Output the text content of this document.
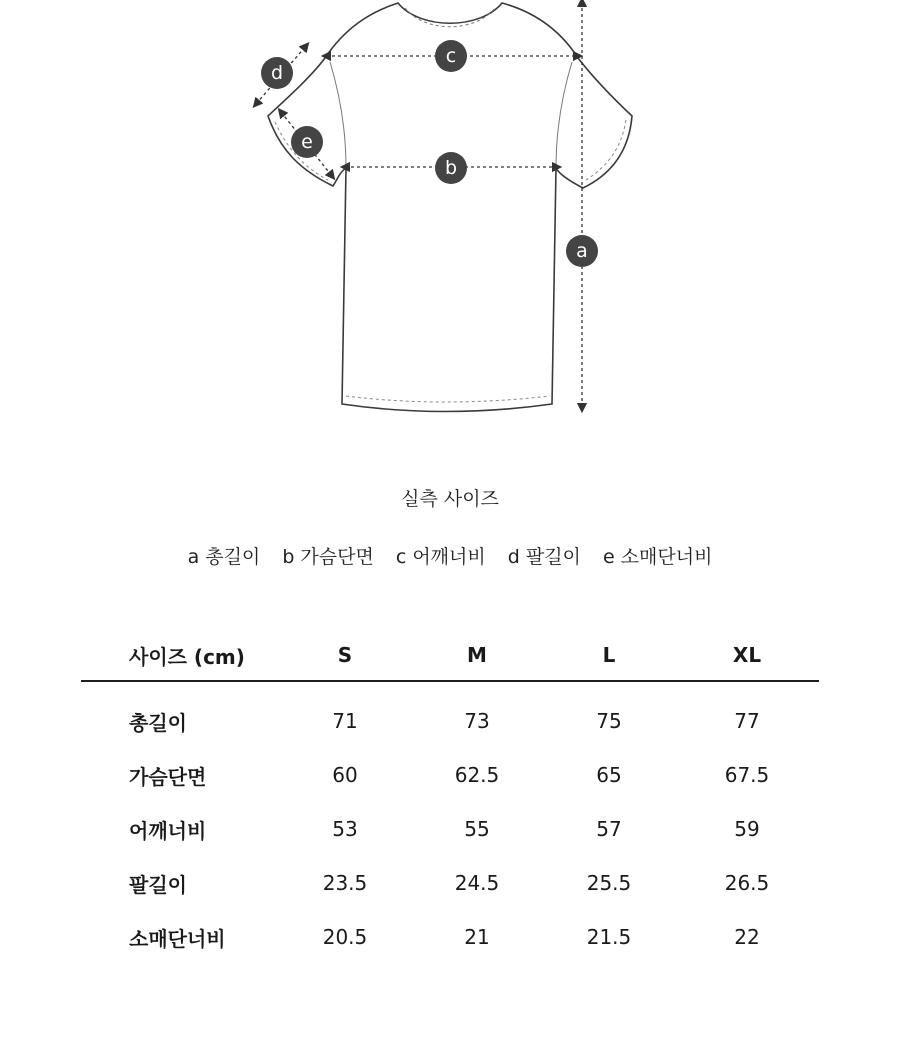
c
b
a
d
e
실측 사이즈
a 총길이 b 가슴단면 c 어깨너비 d 팔길이 e 소매단너비
사이즈 (cm)	S	M	L	XL
총길이	71	73	75	77
가슴단면	60	62.5	65	67.5
어깨너비	53	55	57	59
팔길이	23.5	24.5	25.5	26.5
소매단너비	20.5	21	21.5	22
